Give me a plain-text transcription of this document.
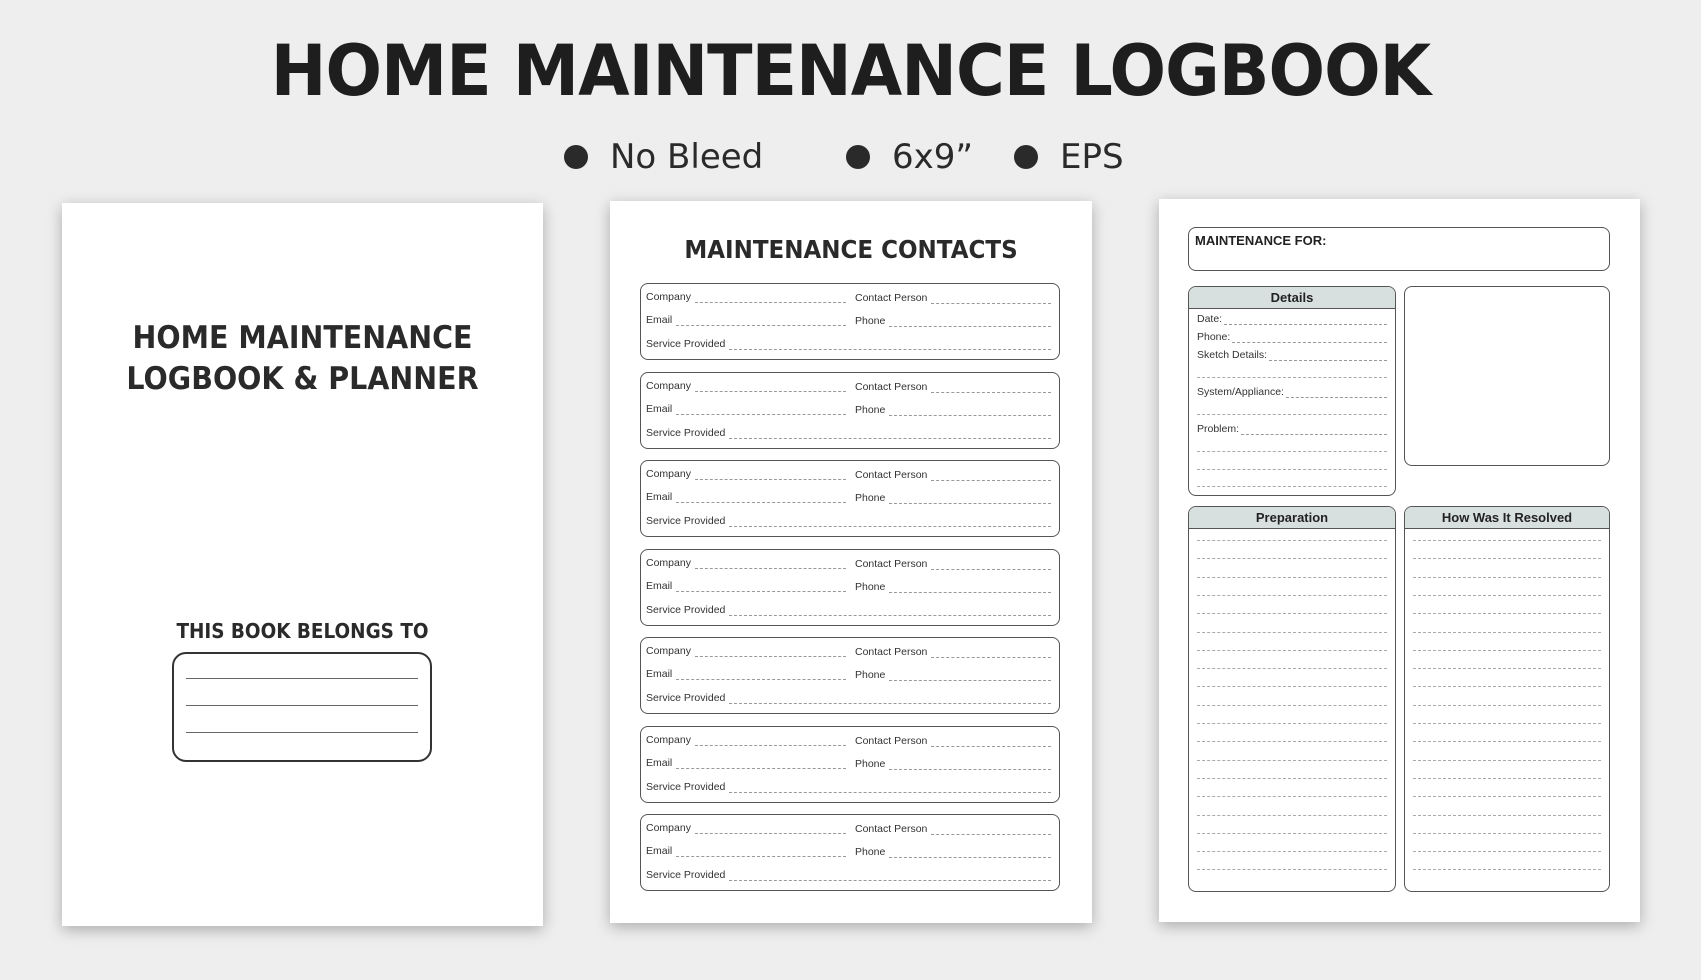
HOME MAINTENANCE LOGBOOK
No Bleed	6x9”	EPS
HOME MAINTENANCE
LOGBOOK & PLANNER
THIS BOOK BELONGS TO
MAINTENANCE CONTACTS
Company	Contact Person
Email	Phone
Service Provided
Company	Contact Person
Email	Phone
Service Provided
Company	Contact Person
Email	Phone
Service Provided
Company	Contact Person
Email	Phone
Service Provided
Company	Contact Person
Email	Phone
Service Provided
Company	Contact Person
Email	Phone
Service Provided
Company	Contact Person
Email	Phone
Service Provided
MAINTENANCE FOR:
Details
Date:
Phone:
Sketch Details:
System/Appliance:
Problem:
Preparation	How Was It Resolved
